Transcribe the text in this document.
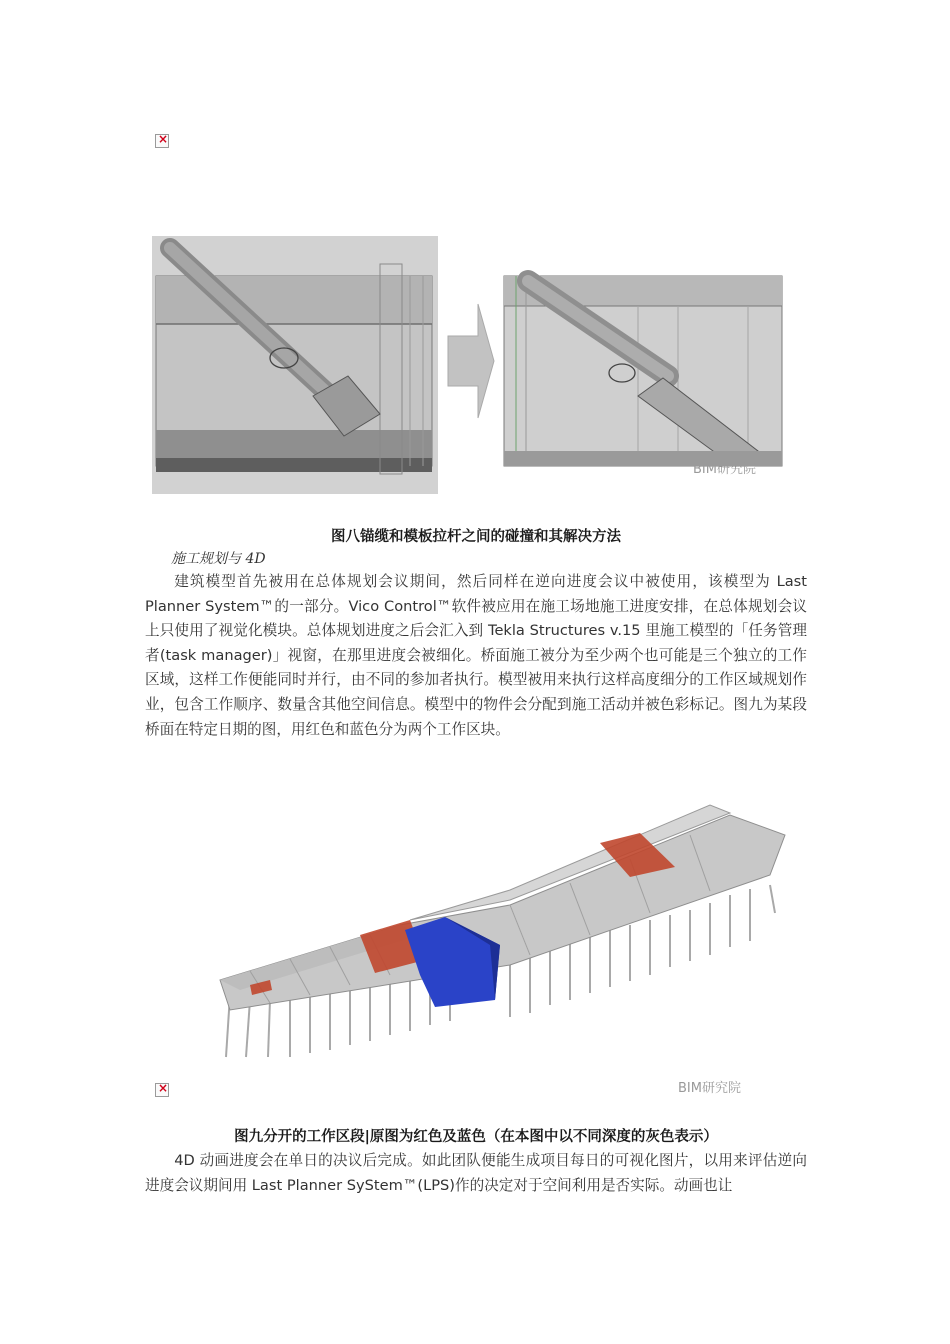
×
×
BIM研究院
图八锚缆和模板拉杆之间的碰撞和其解决方法
施工规划与 4D
建筑模型首先被用在总体规划会议期间，然后同样在逆向进度会议中被使用，该模型为 Last Planner System™的一部分。Vico Control™软件被应用在施工场地施工进度安排，在总体规划会议上只使用了视觉化模块。总体规划进度之后会汇入到 Tekla Structures v.15 里施工模型的「任务管理者(task manager)」视窗，在那里进度会被细化。桥面施工被分为至少两个也可能是三个独立的工作区域，这样工作便能同时并行，由不同的参加者执行。模型被用来执行这样高度细分的工作区域规划作业，包含工作顺序、数量含其他空间信息。模型中的物件会分配到施工活动并被色彩标记。图九为某段桥面在特定日期的图，用红色和蓝色分为两个工作区块。
BIM研究院
图九分开的工作区段|原图为红色及蓝色（在本图中以不同深度的灰色表示）
4D 动画进度会在单日的决议后完成。如此团队便能生成项目每日的可视化图片，以用来评估逆向进度会议期间用 Last Planner SyStem™(LPS)作的决定对于空间利用是否实际。动画也让
